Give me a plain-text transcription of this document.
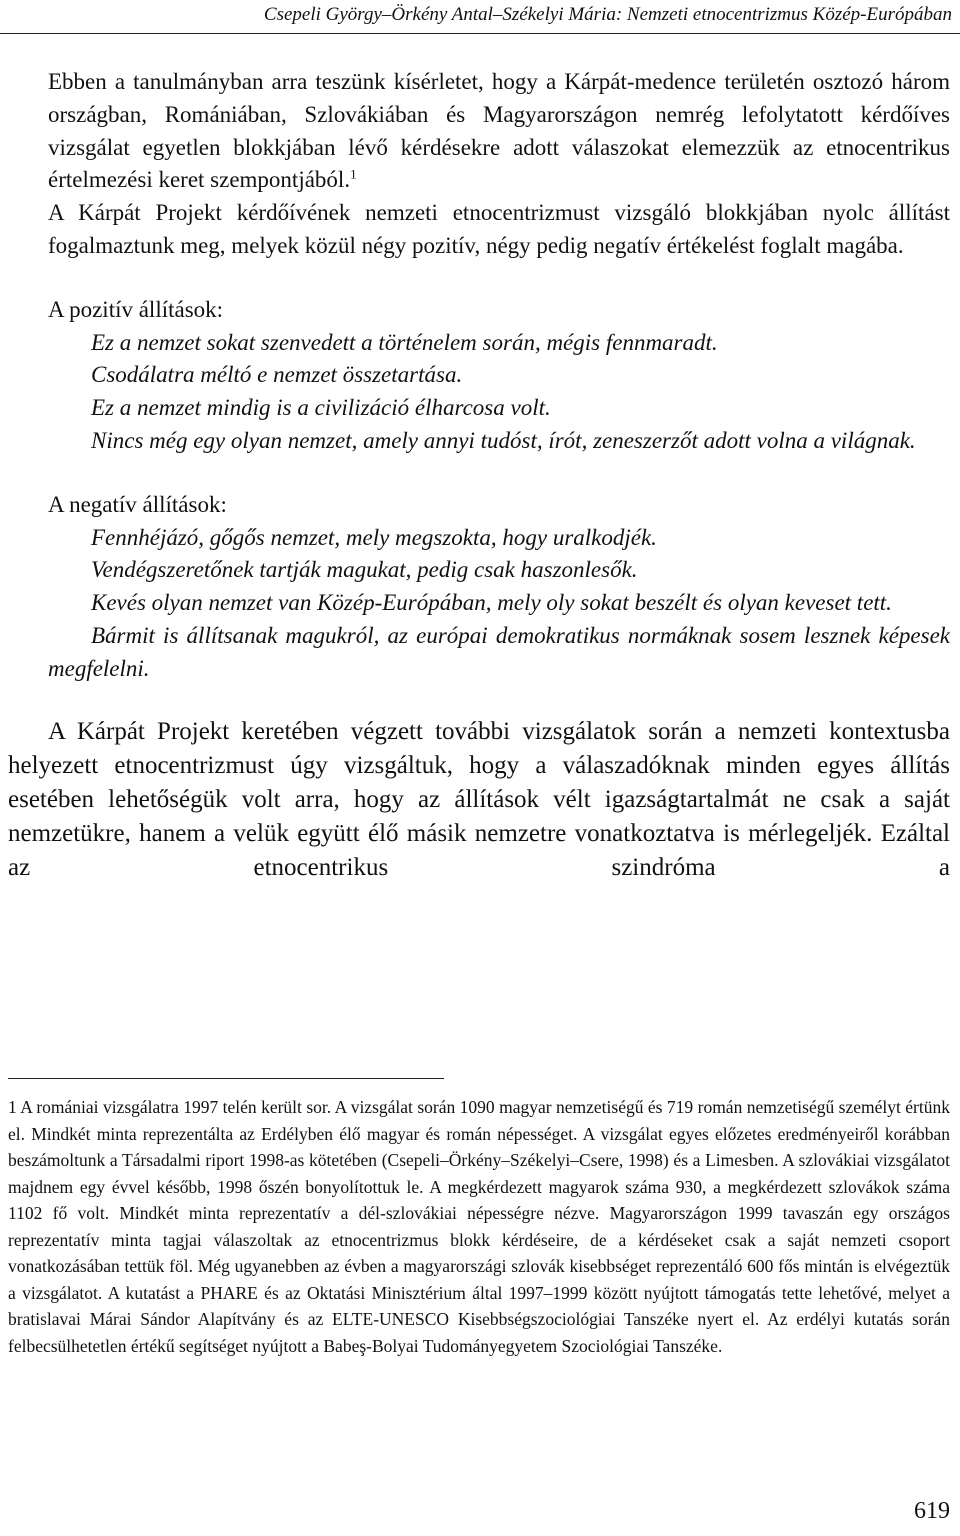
Csepeli György–Örkény Antal–Székelyi Mária: Nemzeti etnocentrizmus Közép-Európában

Ebben a tanulmányban arra teszünk kísérletet, hogy a Kárpát-medence területén osztozó három országban, Romániában, Szlovákiában és Magyarországon nemrég lefolytatott kérdőíves vizsgálat egyetlen blokkjában lévő kérdésekre adott válaszokat elemezzük az etnocentrikus értelmezési keret szempontjából.$^1$

A Kárpát Projekt kérdőívének nemzeti etnocentrizmust vizsgáló blokkjában nyolc állítást fogalmaztunk meg, melyek közül négy pozitív, négy pedig negatív értékelést foglalt magába.

A pozitív állítások:
Ez a nemzet sokat szenvedett a történelem során, mégis fennmaradt.
Csodálatra méltó e nemzet összetartása.
Ez a nemzet mindig is a civilizáció élharcosa volt.
Nincs még egy olyan nemzet, amely annyi tudóst, írót, zeneszerzőt adott volna a világnak.
A negatív állítások:
Fennhéjázó, gőgős nemzet, mely megszokta, hogy uralkodjék.
Vendégszeretőnek tartják magukat, pedig csak haszonlesők.
Kevés olyan nemzet van Közép-Európában, mely oly sokat beszélt és olyan keveset tett.
Bármit is állítsanak magukról, az európai demokratikus normáknak sosem lesznek képesek megfelelni.

A Kárpát Projekt keretében végzett további vizsgálatok során a nemzeti kontextusba helyezett etnocentrizmust úgy vizsgáltuk, hogy a válaszadóknak minden egyes állítás esetében lehetőségük volt arra, hogy az állítások vélt igazságtartalmát ne csak a saját nemzetükre, hanem a velük együtt élő másik nemzetre vonatkoztatva is mérlegeljék. Ezáltal az etnocentrikus szindróma a

1 A romániai vizsgálatra 1997 telén került sor. A vizsgálat során 1090 magyar nemzetiségű és 719 román nemzetiségű személyt értünk el. Mindkét minta reprezentálta az Erdélyben élő magyar és román népességet. A vizsgálat egyes előzetes eredményeiről korábban beszámoltunk a Társadalmi riport 1998-as kötetében (Csepeli–Örkény–Székelyi–Csere, 1998) és a Limesben. A szlovákiai vizsgálatot majdnem egy évvel később, 1998 őszén bonyolítottuk le. A megkérdezett magyarok száma 930, a megkérdezett szlovákok száma 1102 fő volt. Mindkét minta reprezentatív a dél-szlovákiai népességre nézve. Magyarországon 1999 tavaszán egy országos reprezentatív minta tagjai válaszoltak az etnocentrizmus blokk kérdéseire, de a kérdéseket csak a saját nemzeti csoport vonatkozásában tettük föl. Még ugyanebben az évben a magyarországi szlovák kisebbséget reprezentáló 600 fős mintán is elvégeztük a vizsgálatot. A kutatást a PHARE és az Oktatási Minisztérium által 1997–1999 között nyújtott támogatás tette lehetővé, melyet a bratislavai Márai Sándor Alapítvány és az ELTE-UNESCO Kisebbségszociológiai Tanszéke nyert el. Az erdélyi kutatás során felbecsülhetetlen értékű segítséget nyújtott a Babeş-Bolyai Tudományegyetem Szociológiai Tanszéke.
619
